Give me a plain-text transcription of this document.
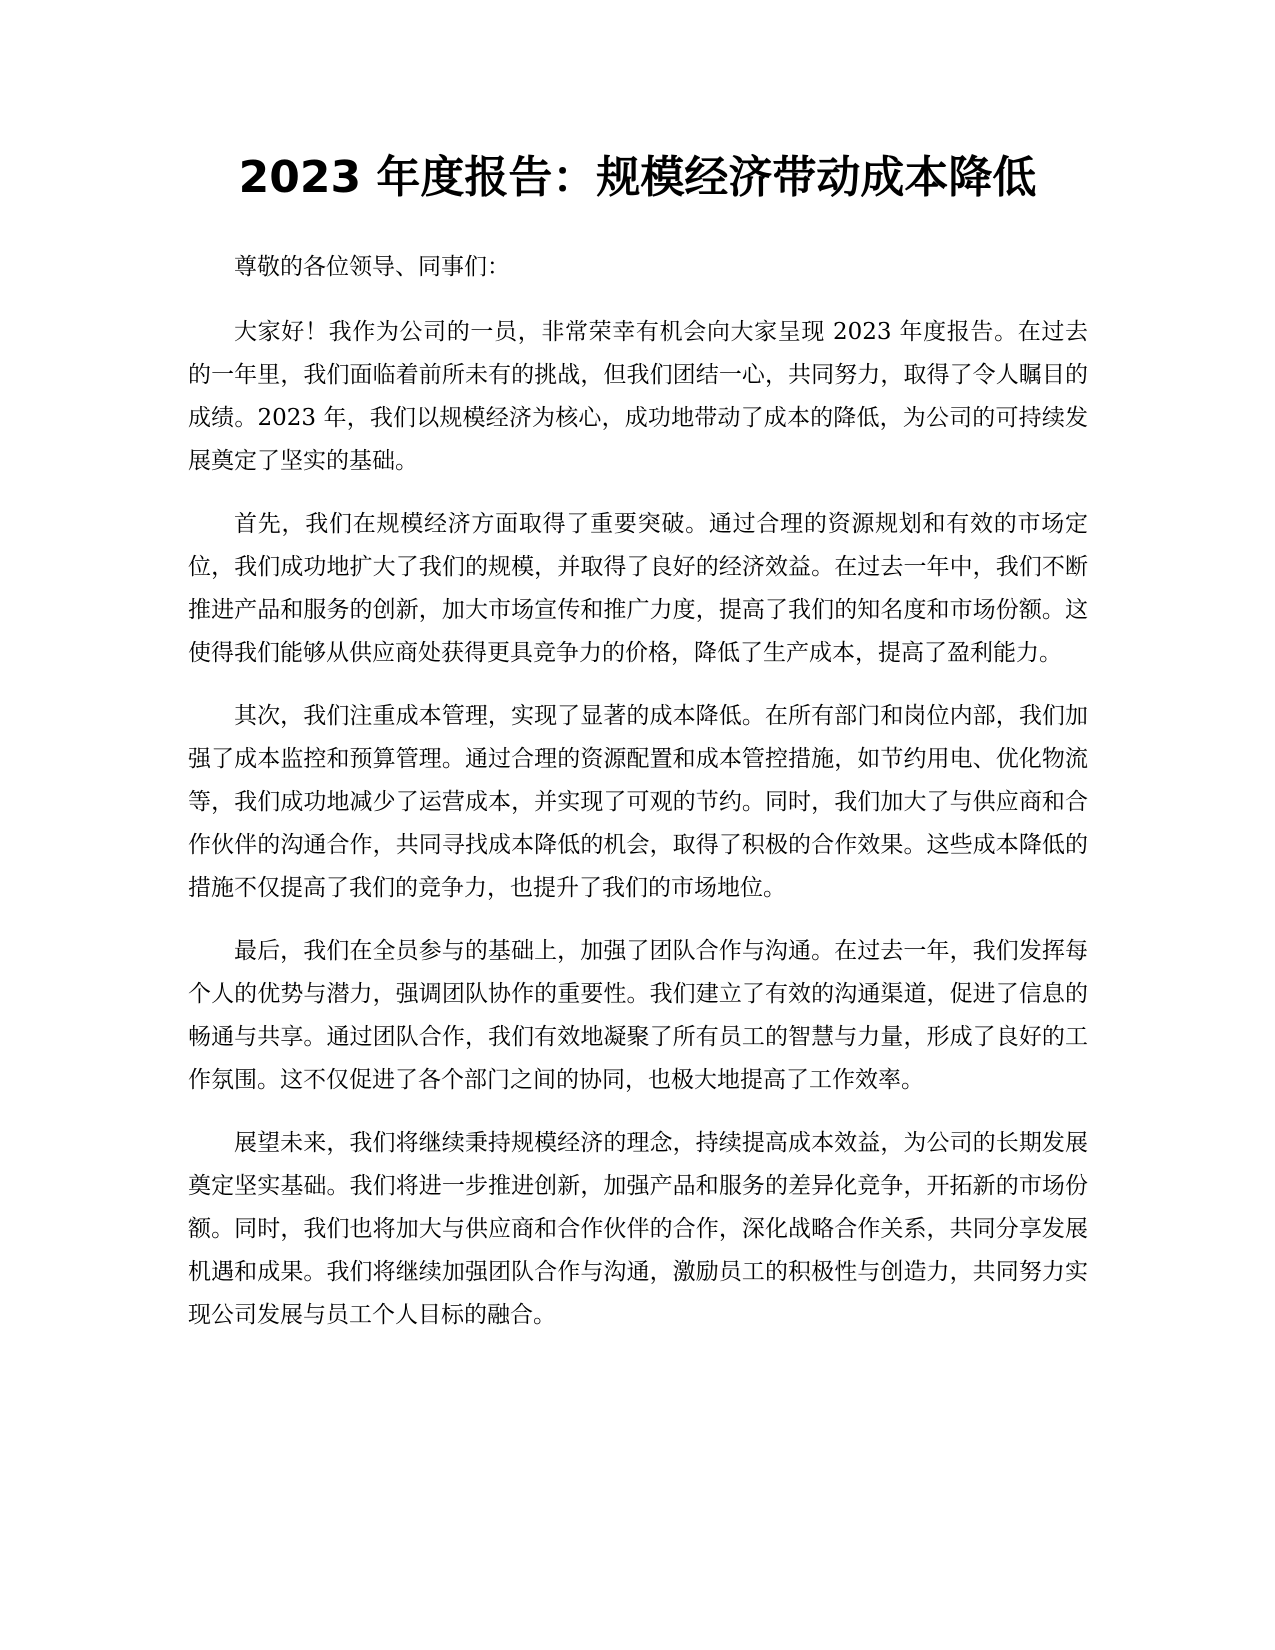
2023 年度报告：规模经济带动成本降低

尊敬的各位领导、同事们：

大家好！我作为公司的一员，非常荣幸有机会向大家呈现 2023 年度报告。在过去的一年里，我们面临着前所未有的挑战，但我们团结一心，共同努力，取得了令人瞩目的成绩。2023 年，我们以规模经济为核心，成功地带动了成本的降低，为公司的可持续发展奠定了坚实的基础。

首先，我们在规模经济方面取得了重要突破。通过合理的资源规划和有效的市场定位，我们成功地扩大了我们的规模，并取得了良好的经济效益。在过去一年中，我们不断推进产品和服务的创新，加大市场宣传和推广力度，提高了我们的知名度和市场份额。这使得我们能够从供应商处获得更具竞争力的价格，降低了生产成本，提高了盈利能力。

其次，我们注重成本管理，实现了显著的成本降低。在所有部门和岗位内部，我们加强了成本监控和预算管理。通过合理的资源配置和成本管控措施，如节约用电、优化物流等，我们成功地减少了运营成本，并实现了可观的节约。同时，我们加大了与供应商和合作伙伴的沟通合作，共同寻找成本降低的机会，取得了积极的合作效果。这些成本降低的措施不仅提高了我们的竞争力，也提升了我们的市场地位。

最后，我们在全员参与的基础上，加强了团队合作与沟通。在过去一年，我们发挥每个人的优势与潜力，强调团队协作的重要性。我们建立了有效的沟通渠道，促进了信息的畅通与共享。通过团队合作，我们有效地凝聚了所有员工的智慧与力量，形成了良好的工作氛围。这不仅促进了各个部门之间的协同，也极大地提高了工作效率。

展望未来，我们将继续秉持规模经济的理念，持续提高成本效益，为公司的长期发展奠定坚实基础。我们将进一步推进创新，加强产品和服务的差异化竞争，开拓新的市场份额。同时，我们也将加大与供应商和合作伙伴的合作，深化战略合作关系，共同分享发展机遇和成果。我们将继续加强团队合作与沟通，激励员工的积极性与创造力，共同努力实现公司发展与员工个人目标的融合。
